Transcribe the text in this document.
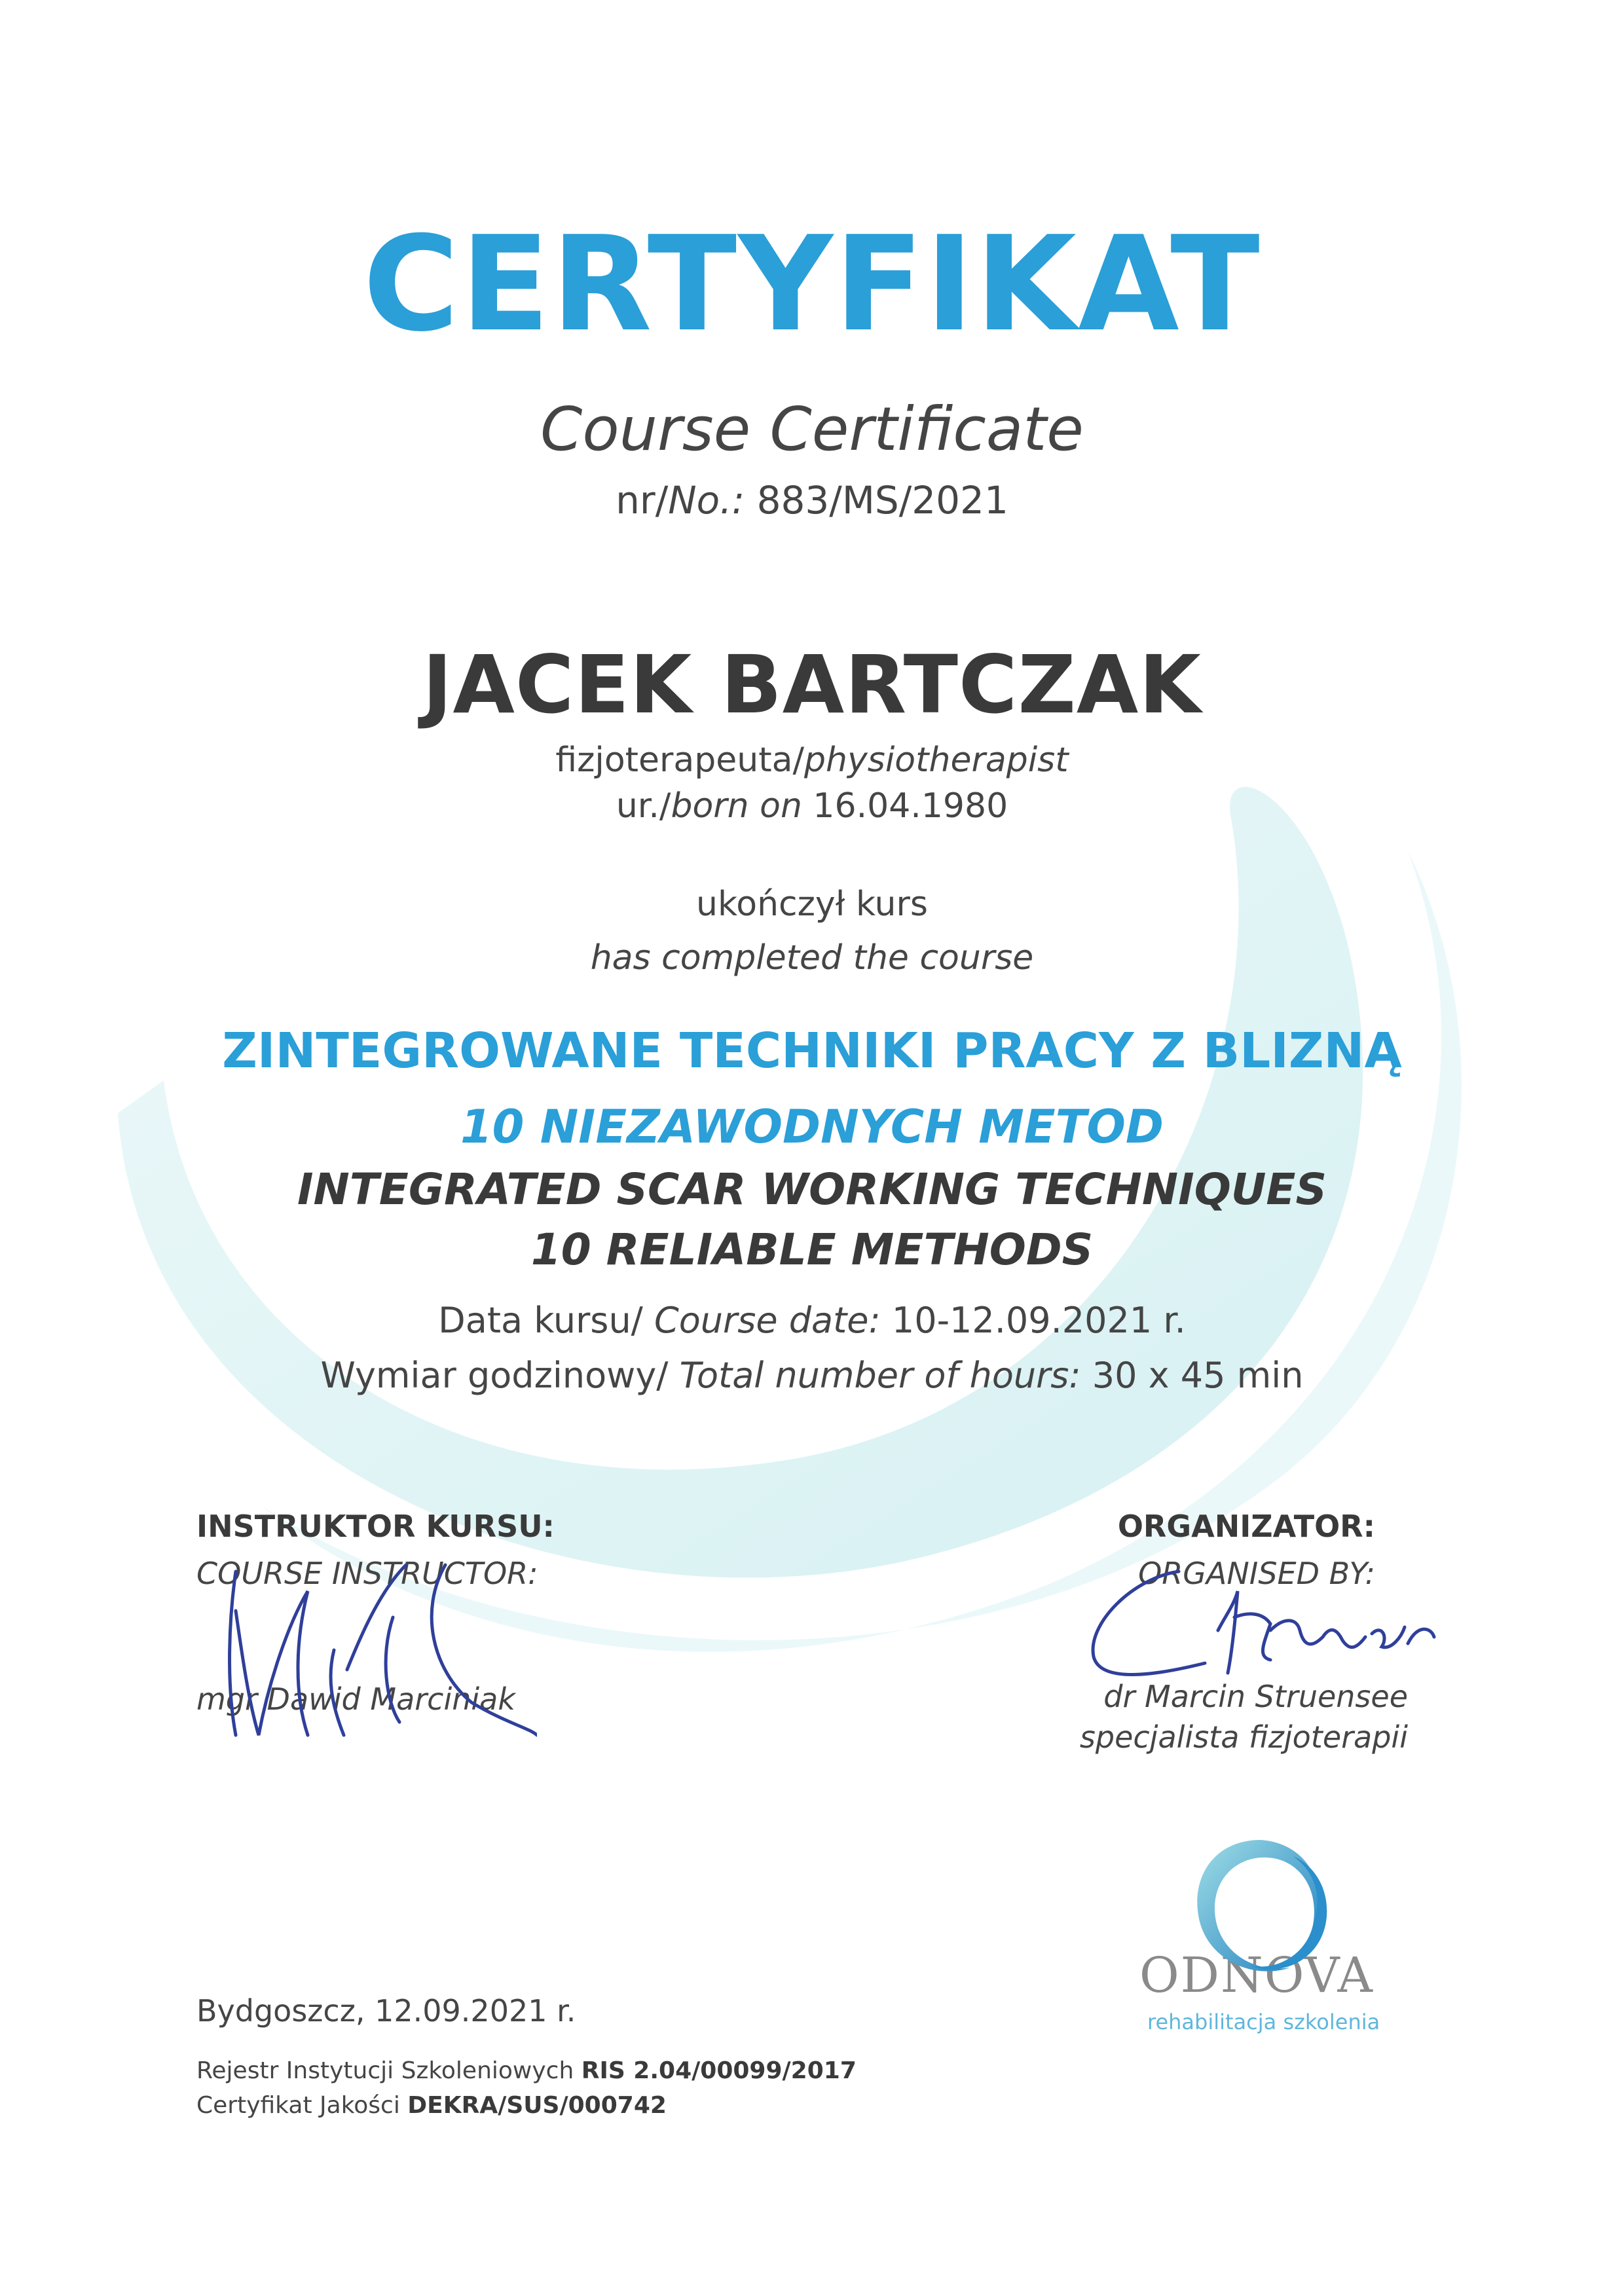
CERTYFIKAT
Course Certificate
nr/No.: 883/MS/2021
JACEK BARTCZAK
fizjoterapeuta/physiotherapist
ur./born on 16.04.1980
ukończył kurs
has completed the course
ZINTEGROWANE TECHNIKI PRACY Z BLIZNĄ
10 NIEZAWODNYCH METOD
INTEGRATED SCAR WORKING TECHNIQUES
10 RELIABLE METHODS
Data kursu/ Course date: 10-12.09.2021 r.
Wymiar godzinowy/ Total number of hours: 30 x 45 min
INSTRUKTOR KURSU:
COURSE INSTRUCTOR:
mgr Dawid Marciniak
ORGANIZATOR:
ORGANISED BY:
dr Marcin Struensee
specjalista fizjoterapii
Bydgoszcz, 12.09.2021 r.
Rejestr Instytucji Szkoleniowych RIS 2.04/00099/2017
Certyfikat Jakości DEKRA/SUS/000742
ODNOVA
rehabilitacja szkolenia
